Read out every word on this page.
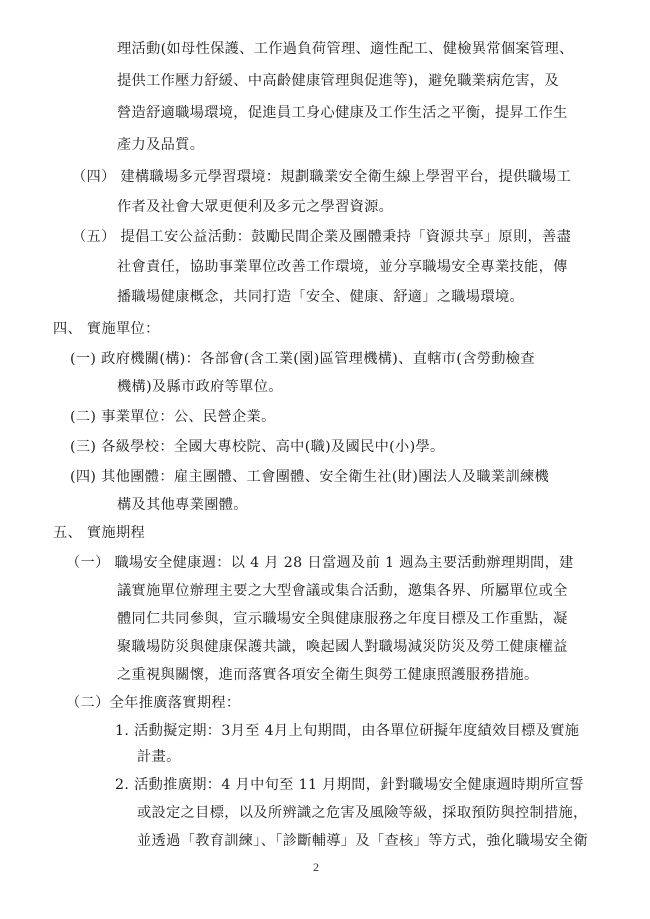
理活動(如母性保護、工作過負荷管理、適性配工、健檢異常個案管理、
提供工作壓力舒緩、中高齡健康管理與促進等)，避免職業病危害，及
營造舒適職場環境，促進員工身心健康及工作生活之平衡，提昇工作生
產力及品質。
（四） 建構職場多元學習環境：規劃職業安全衛生線上學習平台，提供職場工
作者及社會大眾更便利及多元之學習資源。
（五） 提倡工安公益活動：鼓勵民間企業及團體秉持「資源共享」原則，善盡
社會責任，協助事業單位改善工作環境，並分享職場安全專業技能，傳
播職場健康概念，共同打造「安全、健康、舒適」之職場環境。
四、 實施單位：
(一) 政府機關(構)：各部會(含工業(園)區管理機構)、直轄市(含勞動檢查
機構)及縣市政府等單位。
(二) 事業單位：公、民營企業。
(三) 各級學校：全國大專校院、高中(職)及國民中(小)學。
(四) 其他團體：雇主團體、工會團體、安全衛生社(財)團法人及職業訓練機
構及其他專業團體。
五、 實施期程
（一） 職場安全健康週：以 4 月 28 日當週及前 1 週為主要活動辦理期間，建
議實施單位辦理主要之大型會議或集合活動，邀集各界、所屬單位或全
體同仁共同參與，宣示職場安全與健康服務之年度目標及工作重點，凝
聚職場防災與健康保護共識，喚起國人對職場減災防災及勞工健康權益
之重視與關懷，進而落實各項安全衛生與勞工健康照護服務措施。
（二）全年推廣落實期程：
1. 活動擬定期：3月至 4月上旬期間，由各單位研擬年度績效目標及實施
計畫。
2. 活動推廣期：4 月中旬至 11 月期間，針對職場安全健康週時期所宣誓
或設定之目標，以及所辨識之危害及風險等級，採取預防與控制措施，
並透過「教育訓練」、「診斷輔導」及「查核」等方式，強化職場安全衛
2
